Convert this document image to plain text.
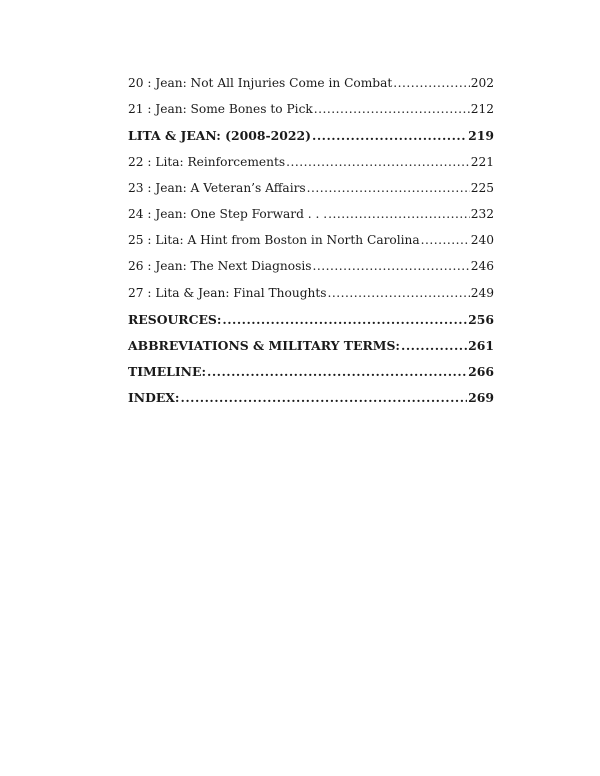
20 : Jean: Not All Injuries Come in Combat .....	202
21 : Jean: Some Bones to Pick .....	212
LITA & JEAN: (2008-2022) .....	219
22 : Lita: Reinforcements .....	221
23 : Jean: A Veteran’s Affairs .....	225
24 : Jean: One Step Forward . . . .....	232
25 : Lita: A Hint from Boston in North Carolina .....	240
26 : Jean: The Next Diagnosis .....	246
27 : Lita & Jean: Final Thoughts .....	249
RESOURCES: .....	256
ABBREVIATIONS & MILITARY TERMS: .....	261
TIMELINE: .....	266
INDEX: .....	269
